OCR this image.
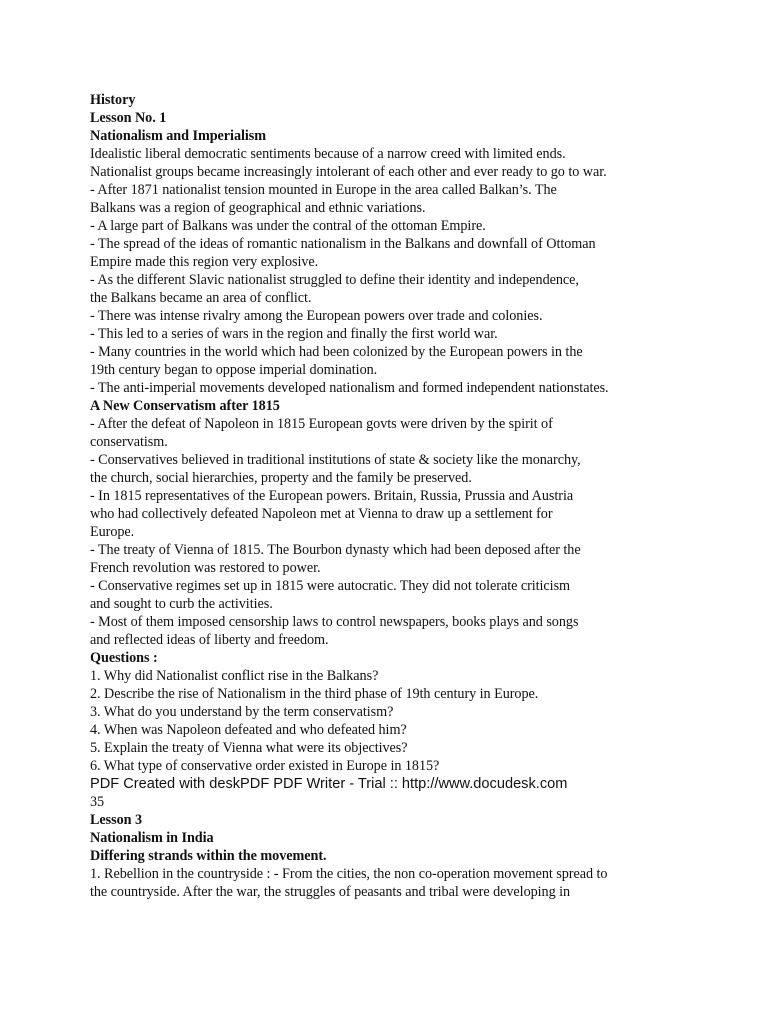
History
Lesson No. 1
Nationalism and Imperialism
Idealistic liberal democratic sentiments because of a narrow creed with limited ends.
Nationalist groups became increasingly intolerant of each other and ever ready to go to war.
- After 1871 nationalist tension mounted in Europe in the area called Balkan’s. The
Balkans was a region of geographical and ethnic variations.
- A large part of Balkans was under the contral of the ottoman Empire.
- The spread of the ideas of romantic nationalism in the Balkans and downfall of Ottoman
Empire made this region very explosive.
- As the different Slavic nationalist struggled to define their identity and independence,
the Balkans became an area of conflict.
- There was intense rivalry among the European powers over trade and colonies.
- This led to a series of wars in the region and finally the first world war.
- Many countries in the world which had been colonized by the European powers in the
19th century began to oppose imperial domination.
- The anti-imperial movements developed nationalism and formed independent nationstates.
A New Conservatism after 1815
- After the defeat of Napoleon in 1815 European govts were driven by the spirit of
conservatism.
- Conservatives believed in traditional institutions of state & society like the monarchy,
the church, social hierarchies, property and the family be preserved.
- In 1815 representatives of the European powers. Britain, Russia, Prussia and Austria
who had collectively defeated Napoleon met at Vienna to draw up a settlement for
Europe.
- The treaty of Vienna of 1815. The Bourbon dynasty which had been deposed after the
French revolution was restored to power.
- Conservative regimes set up in 1815 were autocratic. They did not tolerate criticism
and sought to curb the activities.
- Most of them imposed censorship laws to control newspapers, books plays and songs
and reflected ideas of liberty and freedom.
Questions :
1. Why did Nationalist conflict rise in the Balkans?
2. Describe the rise of Nationalism in the third phase of 19th century in Europe.
3. What do you understand by the term conservatism?
4. When was Napoleon defeated and who defeated him?
5. Explain the treaty of Vienna what were its objectives?
6. What type of conservative order existed in Europe in 1815?
PDF Created with deskPDF PDF Writer - Trial :: http://www.docudesk.com
35
Lesson 3
Nationalism in India
Differing strands within the movement.
1. Rebellion in the countryside : - From the cities, the non co-operation movement spread to
the countryside. After the war, the struggles of peasants and tribal were developing in
